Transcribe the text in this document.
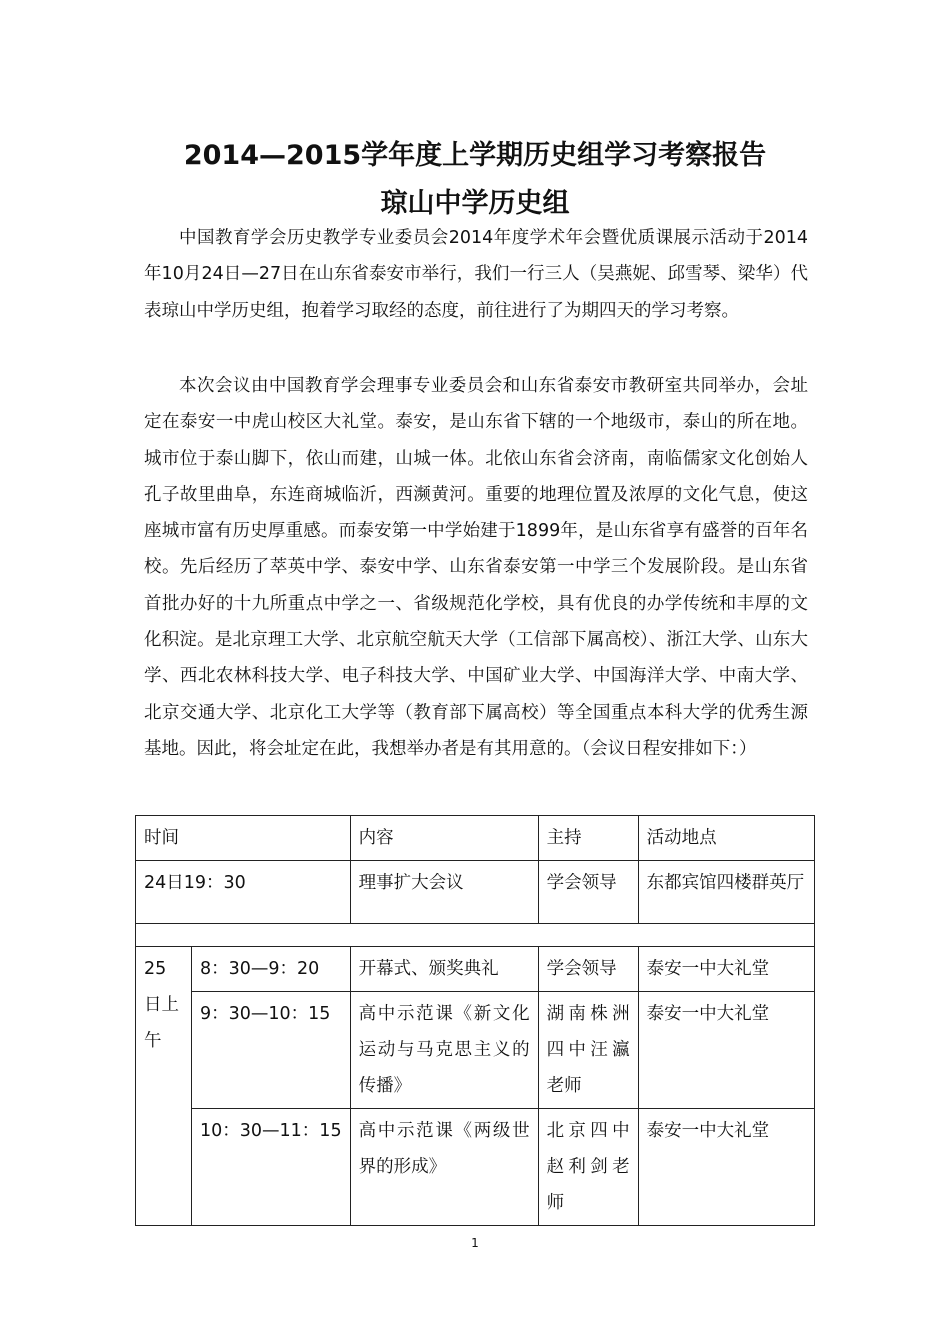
2014—2015学年度上学期历史组学习考察报告
琼山中学历史组

中国教育学会历史教学专业委员会2014年度学术年会暨优质课展示活动于2014年10月24日—27日在山东省泰安市举行，我们一行三人（吴燕妮、邱雪琴、梁华）代表琼山中学历史组，抱着学习取经的态度，前往进行了为期四天的学习考察。

本次会议由中国教育学会理事专业委员会和山东省泰安市教研室共同举办，会址定在泰安一中虎山校区大礼堂。泰安，是山东省下辖的一个地级市，泰山的所在地。城市位于泰山脚下，依山而建，山城一体。北依山东省会济南，南临儒家文化创始人孔子故里曲阜，东连商城临沂，西濒黄河。重要的地理位置及浓厚的文化气息，使这座城市富有历史厚重感。而泰安第一中学始建于1899年，是山东省享有盛誉的百年名校。先后经历了萃英中学、泰安中学、山东省泰安第一中学三个发展阶段。是山东省首批办好的十九所重点中学之一、省级规范化学校，具有优良的办学传统和丰厚的文化积淀。是北京理工大学、北京航空航天大学（工信部下属高校）、浙江大学、山东大学、西北农林科技大学、电子科技大学、中国矿业大学、中国海洋大学、中南大学、北京交通大学、北京化工大学等（教育部下属高校）等全国重点本科大学的优秀生源基地。因此，将会址定在此，我想举办者是有其用意的。（会议日程安排如下：）

时间		内容	主持	活动地点
24日19：30		理事扩大会议	学会领导	东都宾馆四楼群英厅

25日上午	8：30—9：20	开幕式、颁奖典礼	学会领导	泰安一中大礼堂
	9：30—10：15	高中示范课《新文化运动与马克思主义的传播》	湖南株洲四中汪瀛老师	泰安一中大礼堂
	10：30—11：15	高中示范课《两级世界的形成》	北京四中赵利剑老师	泰安一中大礼堂
1
